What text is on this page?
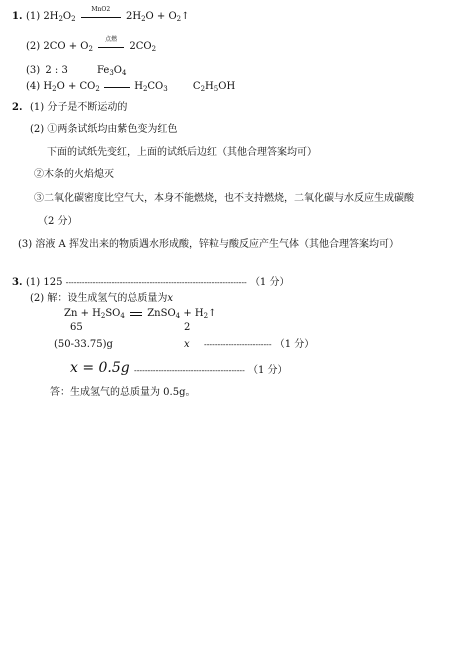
1. (1) $2H_2O_2$
MnO2
$2H_2O$ + $O_2↑$
(2) $2CO + O_2$
点燃
$2CO_2$
(3) 2 : 3	$Fe_3O_4$
(4) $H_2O + CO_2$	$H_2CO_3$	$C_2H_5OH$
2. (1) 分子是不断运动的
(2) ①两条试纸均由紫色变为红色
下面的试纸先变红，上面的试纸后边红（其他合理答案均可）
②木条的火焰熄灭
③二氧化碳密度比空气大，本身不能燃烧，也不支持燃烧，二氧化碳与水反应生成碳酸
（2 分）
(3) 溶液 A 挥发出来的物质遇水形成酸，锌粒与酸反应产生气体（其他合理答案均可）
3. (1) 125 ------------------------------------------------------------------- （1 分）
(2) 解：设生成氢气的总质量为x
$Zn + H_2SO_4$ ZnSO$_4$ + $H_2↑$
65	2
(50-33.75)g	x ------------------------- （1 分）
x = 0.5g ----------------------------------------- （1 分）
答：生成氢气的总质量为 0.5g。
